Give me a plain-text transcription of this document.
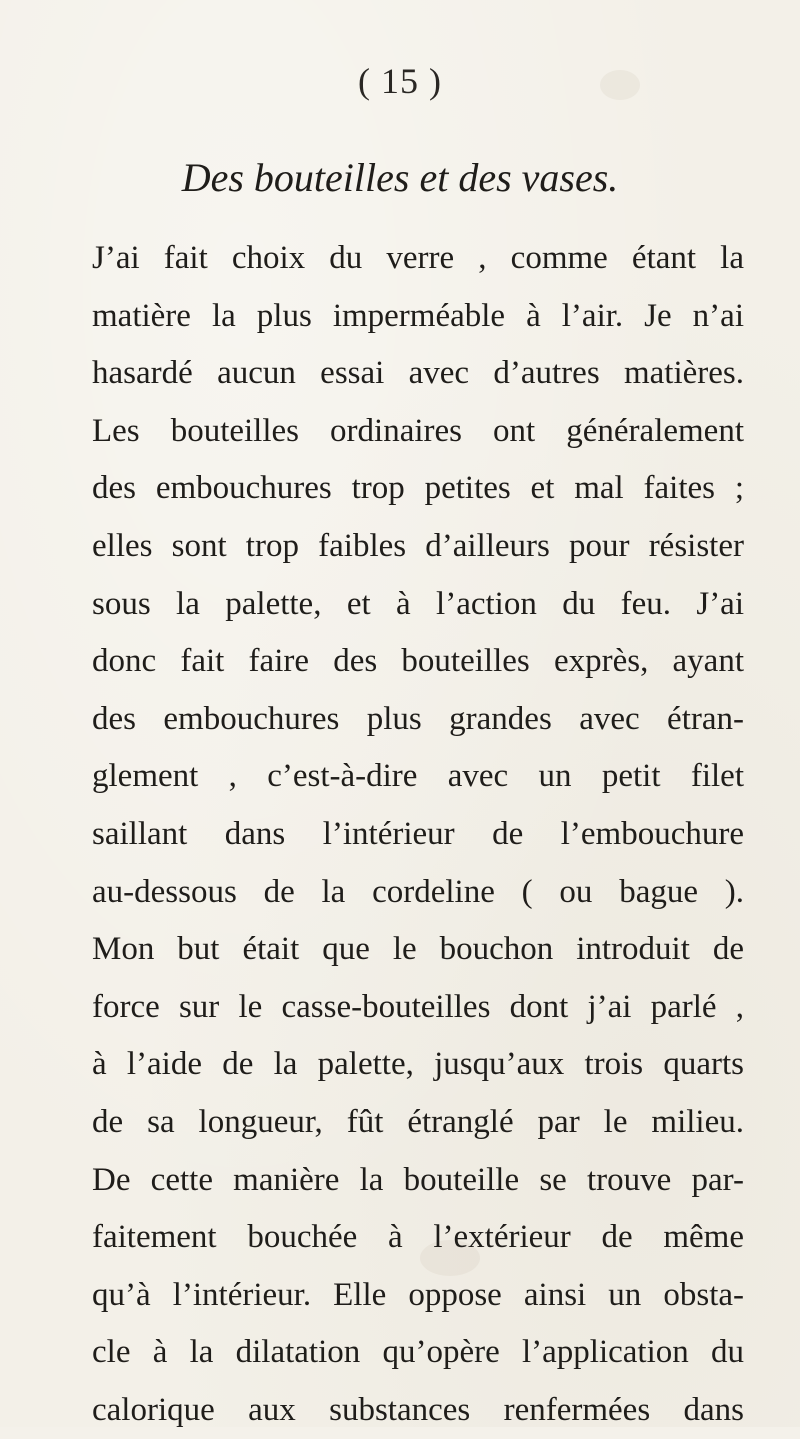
( 15 )
Des bouteilles et des vases.
J’ai fait choix du verre , comme étant la
matière la plus imperméable à l’air. Je n’ai
hasardé aucun essai avec d’autres matières.
Les bouteilles ordinaires ont généralement
des embouchures trop petites et mal faites ;
elles sont trop faibles d’ailleurs pour résister
sous la palette, et à l’action du feu. J’ai
donc fait faire des bouteilles exprès, ayant
des embouchures plus grandes avec étran-
glement , c’est-à-dire avec un petit filet
saillant dans l’intérieur de l’embouchure
au-dessous de la cordeline ( ou bague ).
Mon but était que le bouchon introduit de
force sur le casse-bouteilles dont j’ai parlé ,
à l’aide de la palette, jusqu’aux trois quarts
de sa longueur, fût étranglé par le milieu.
De cette manière la bouteille se trouve par-
faitement bouchée à l’extérieur de même
qu’à l’intérieur. Elle oppose ainsi un obsta-
cle à la dilatation qu’opère l’application du
calorique aux substances renfermées dans
